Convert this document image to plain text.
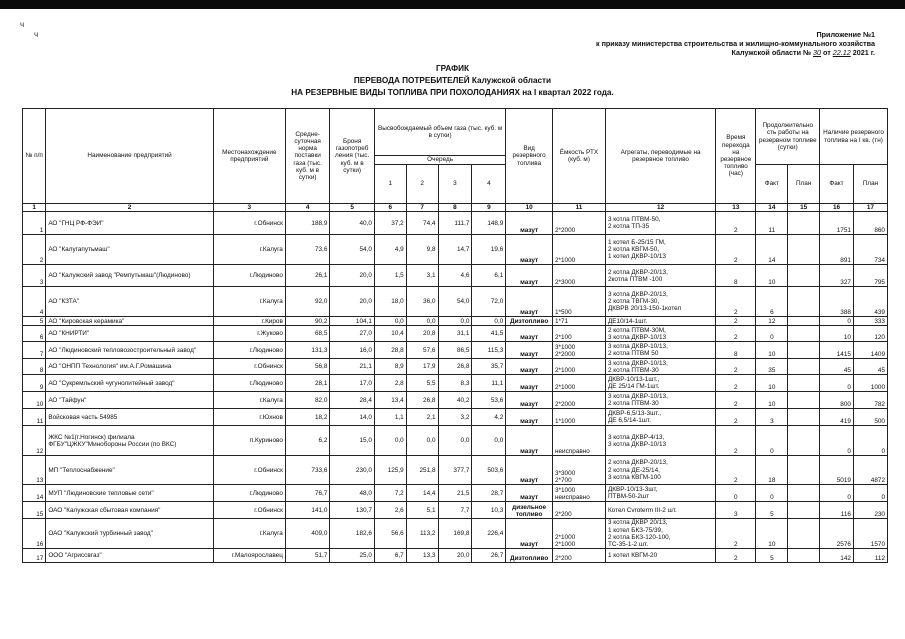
ч
ч	Приложение №1
к приказу министерства строительства и жилищно-коммунального хозяйства
Калужской области № 30 от 22.12 2021 г.
ГРАФИК
ПЕРЕВОДА ПОТРЕБИТЕЛЕЙ Калужской области
НА РЕЗЕРВНЫЕ ВИДЫ ТОПЛИВА ПРИ ПОХОЛОДАНИЯХ на I квартал 2022 года.
№ п/п	Наименование предприятий	Местонахождение предприятий	Средне-суточная норма поставки газа (тыс. куб. м в сутки)	Броня газопотреб ления (тыс. куб. м в сутки)	Высвобождаемый объем газа (тыс. куб. м в сутки)				Вид резервного топлива	Ёмкость РТХ (куб. м)	Агрегаты, переводимые на резервное топливо	Время перехода на резервное топливо (час)	Продолжительно сть работы на резервном топливе (сутки)		Наличие резервного топлива на I кв. (тн)	
					Очередь											
					1	2	3	4					Факт	План	Факт	План
1	2	3	4	5	6	7	8	9	10	11	12	13	14	15	16	17
1	АО "ГНЦ РФ-ФЭИ"	г.Обнинск	188,9	40,0	37,2	74,4	111,7	148,9	мазут	2*2000	3 котла ПТВМ-50,
2 котла ТП-35	2	11		1751	860
2	АО "Калугапутьмаш"	г.Калуга	73,6	54,0	4,9	9,8	14,7	19,6	мазут	2*1000	1 котел Б-25/15 ГМ,
2 котла КВГМ-50,
1 котел ДКВР-10/13	2	14		891	734
3	АО "Калужский завод "Ремпутьмаш"(Людиново)	г.Людиново	26,1	20,0	1,5	3,1	4,6	6,1	мазут	2*3000	2 котла ДКВР-20/13,
2котла ПТВМ -100	8	10		327	795
4	АО "КЗТА"	г.Калуга	92,0	20,0	18,0	36,0	54,0	72,0	мазут	1*500	3 котла ДКВР-20/13,
2 котла ТВГМ-30,
ДКВРВ 20/13-150-1котел	2	6		388	439
5	АО "Кировская керамика"	г.Киров	90,2	104,1	0,0	0,0	0,0	0,0	Дизтопливо	1*71	ДЕ10/14-1шт.	2	12		0	333
6	АО "КНИРТИ"	г.Жуково	68,5	27,0	10,4	20,8	31,1	41,5	мазут	2*100	2 котла ПТВМ-30М,
3 котла ДКВР-10/13	2	0		10	120
7	АО "Людиновский тепловозостроительный завод"	г.Людиново	131,3	16,0	28,8	57,6	86,5	115,3	мазут	3*1000
2*2000	3 котла ДКВР-10/13,
2 котла ПТВМ 50	8	10		1415	1409
8	АО "ОНПП Технология" им.А.Г.Ромашина	г.Обнинск	56,8	21,1	8,9	17,9	26,8	35,7	мазут	2*1000	3 котла ДКВР-10/13,
2 котла ПТВМ-30	2	35		45	45
9	АО "Сукремльский чугунолитейный завод"	г.Людиново	28,1	17,0	2,8	5,5	8,3	11,1	мазут	2*1000	ДКВР-10/13-1шт.,
ДЕ 25/14 ГМ-1шт.	2	10		0	1000
10	АО "Тайфун"	г.Калуга	82,0	28,4	13,4	26,8	40,2	53,6	мазут	2*2000	3 котла ДКВР-10/13,
2 котла ПТВМ-30	2	10		800	782
11	Войсковая часть 54985	г.Юхнов	18,2	14,0	1,1	2,1	3,2	4,2	мазут	1*1000	ДКВР-6,5/13-3шт.,
ДЕ 6,5/14-1шт.	2	3		419	500
12	ЖКС №1(г.Ногинск) филиала ФГБУ"ЦЖКУ"Минобороны России (по ВКС)	п.Куриново	6,2	15,0	0,0	0,0	0,0	0,0	мазут	неисправно	3 котла ДКВР-4/13,
3 котла ДКВР-10/13	2	0		0	0
13	МП "Теплоснабжение"	г.Обнинск	733,6	230,0	125,9	251,8	377,7	503,6	мазут	3*3000
2*700	2 котла ДКВР-20/13,
2 котла ДЕ-25/14,
3 котла КВГМ-100	2	18		5019	4872
14	МУП "Людиновские тепловые сети"	г.Людиново	76,7	48,0	7,2	14,4	21,5	28,7	мазут	3*1000
неисправно	ДКВР-10/13-3шт,
ПТВМ-50-2шт	0	0		0	0
15	ОАО "Калужская сбытовая компания"	г.Обнинск	141,0	130,7	2,6	5,1	7,7	10,3	дизельное топливо	2*200	Котел Cvroterm III-2 шт.	3	5		116	230
16	ОАО "Калужский турбинный завод"	г.Калуга	409,0	182,6	56,6	113,2	169,8	226,4	мазут	2*1000
2*1000	3 котла ДКВР 20/13,
1 котел БКЗ-75/39,
2 котла БКЗ-120-100,
ТС-35-1-2 шт.	2	10		2576	1570
17	ООО "Агриссвгаз"	г.Малоярославец	51,7	25,0	6,7	13,3	20,0	26,7	Дизтопливо	2*200	1 котел КВГМ-20	2	5		142	112
